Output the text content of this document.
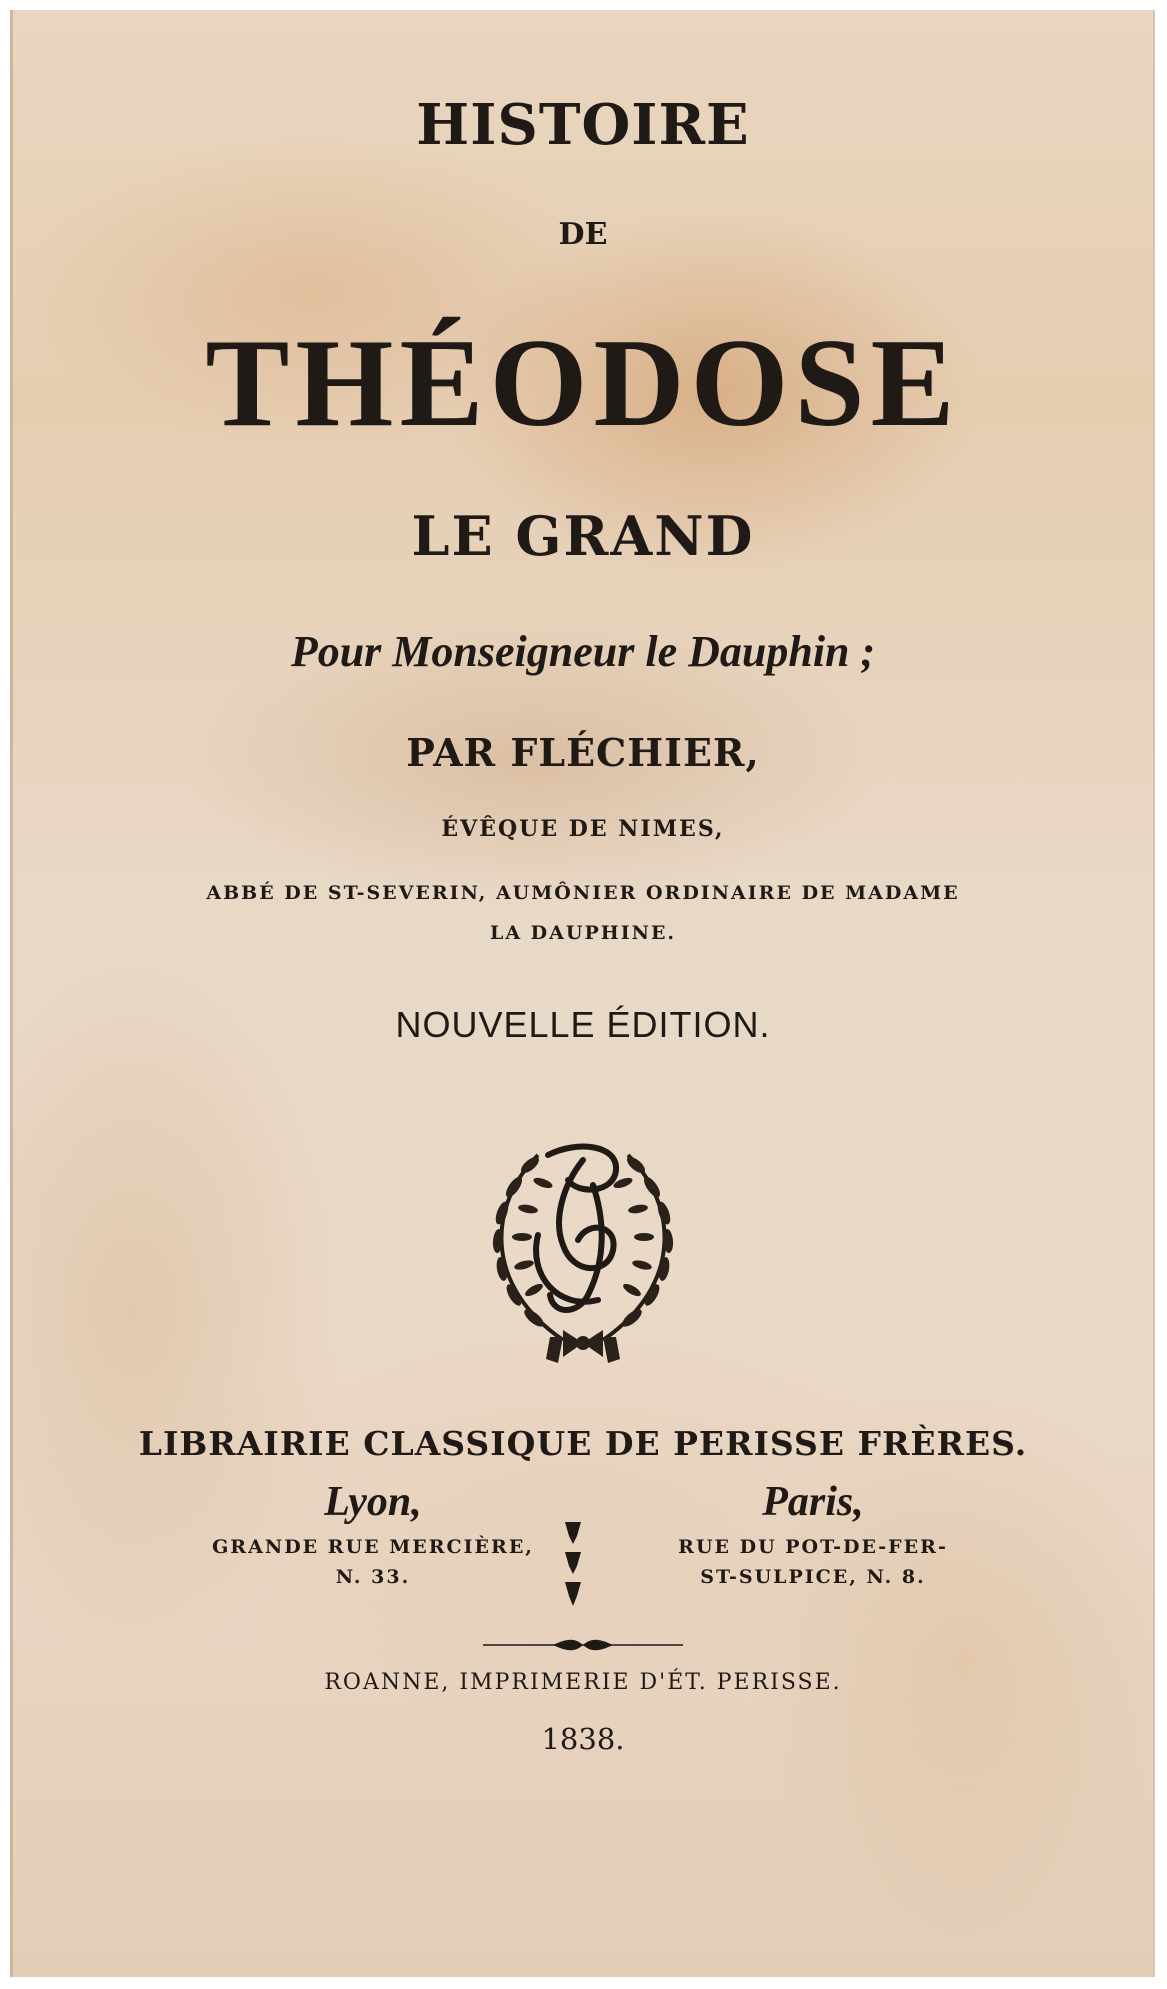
HISTOIRE
DE
THÉODOSE
LE GRAND
Pour Monseigneur le Dauphin ;
PAR FLÉCHIER,
ÉVÊQUE DE NIMES,
ABBÉ DE ST-SEVERIN, AUMÔNIER ORDINAIRE DE MADAME
LA DAUPHINE.
NOUVELLE ÉDITION.
LIBRAIRIE CLASSIQUE DE PERISSE FRÈRES.
Lyon,
GRANDE RUE MERCIÈRE,
N. 33.
Paris,
RUE DU POT-DE-FER-
ST-SULPICE, N. 8.
ROANNE, IMPRIMERIE D'ÉT. PERISSE.
1838.
